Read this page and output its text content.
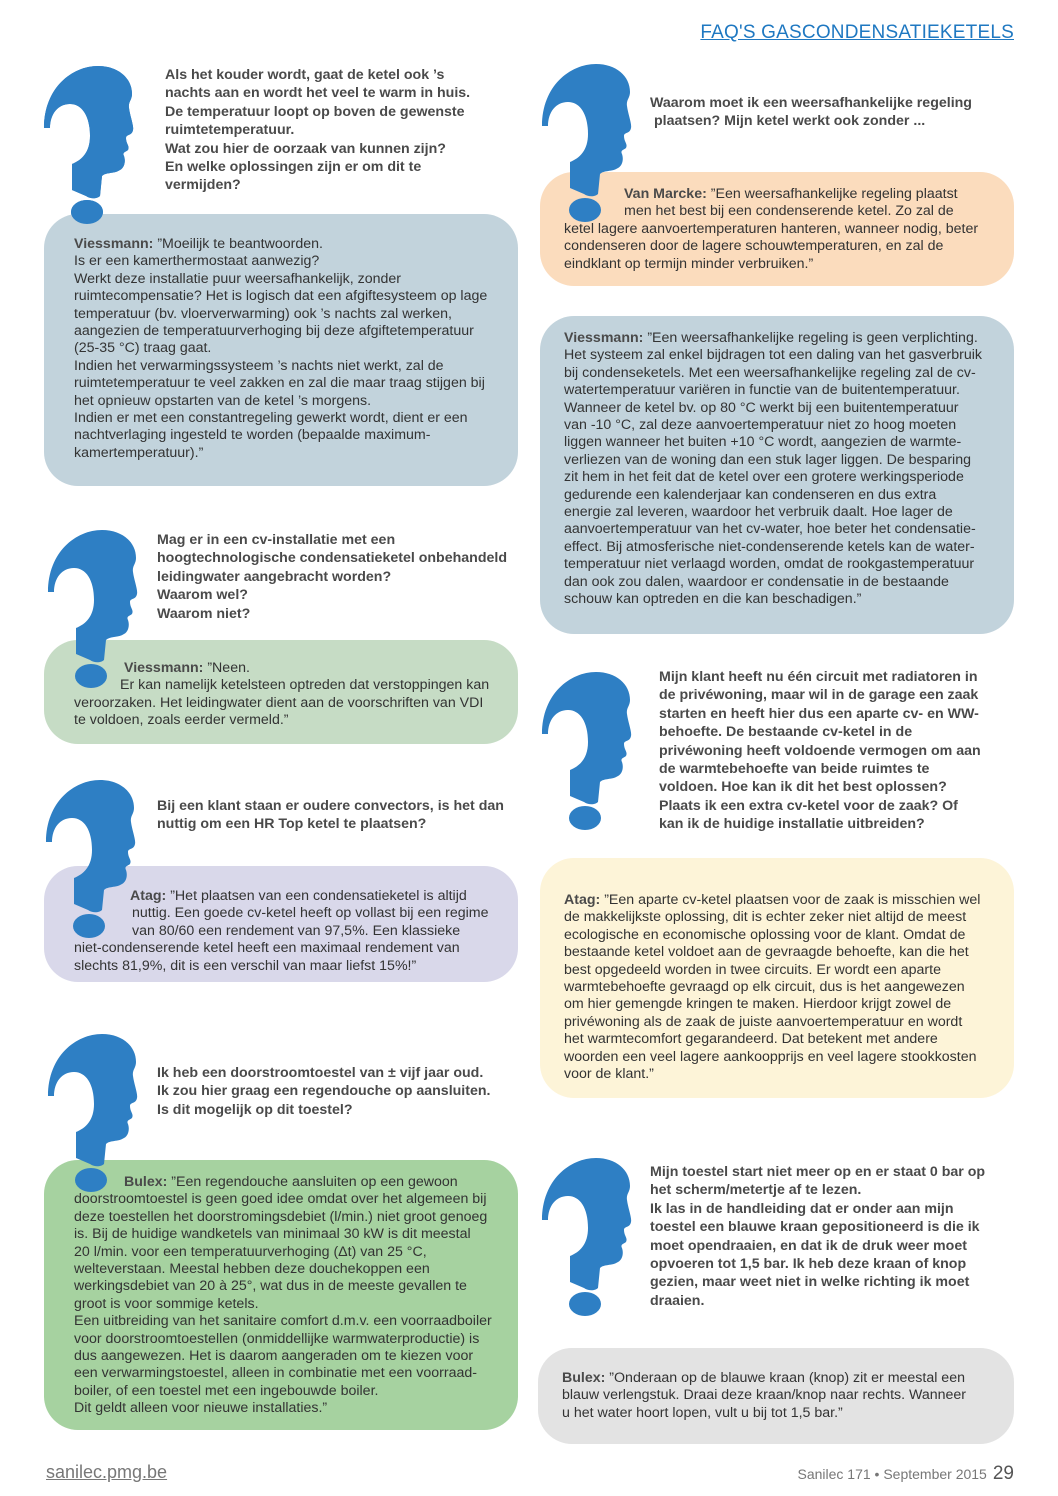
FAQ'S GASCONDENSATIEKETELS
Als het kouder wordt, gaat de ketel ook ’s
nachts aan en wordt het veel te warm in huis.
De temperatuur loopt op boven de gewenste
ruimtetemperatuur.
Wat zou hier de oorzaak van kunnen zijn?
En welke oplossingen zijn er om dit te
vermijden?

Viessmann: ”Moeilijk te beantwoorden.

Is er een kamerthermostaat aanwezig?

Werkt deze installatie puur weersafhankelijk, zonder

ruimtecompensatie? Het is logisch dat een afgiftesysteem op lage

temperatuur (bv. vloerverwarming) ook ’s nachts zal werken,

aangezien de temperatuurverhoging bij deze afgiftetemperatuur

(25-35 °C) traag gaat.

Indien het verwarmingssysteem ’s nachts niet werkt, zal de

ruimtetemperatuur te veel zakken en zal die maar traag stijgen bij

het opnieuw opstarten van de ketel ’s morgens.

Indien er met een constantregeling gewerkt wordt, dient er een

nachtverlaging ingesteld te worden (bepaalde maximum-

kamertemperatuur).”

Van Marcke: ”Een weersafhankelijke regeling plaatst

men het best bij een condenserende ketel. Zo zal de

ketel lagere aanvoertemperaturen hanteren, wanneer nodig, beter

condenseren door de lagere schouwtemperaturen, en zal de

eindklant op termijn minder verbruiken.”

Waarom moet ik een weersafhankelijke regeling
plaatsen? Mijn ketel werkt ook zonder ...

Viessmann: ”Een weersafhankelijke regeling is geen verplichting.

Het systeem zal enkel bijdragen tot een daling van het gasverbruik

bij condenseketels. Met een weersafhankelijke regeling zal de cv-

watertemperatuur variëren in functie van de buitentemperatuur.

Wanneer de ketel bv. op 80 °C werkt bij een buitentemperatuur

van -10 °C, zal deze aanvoertemperatuur niet zo hoog moeten

liggen wanneer het buiten +10 °C wordt, aangezien de warmte-

verliezen van de woning dan een stuk lager liggen. De besparing

zit hem in het feit dat de ketel over een grotere werkingsperiode

gedurende een kalenderjaar kan condenseren en dus extra

energie zal leveren, waardoor het verbruik daalt. Hoe lager de

aanvoertemperatuur van het cv-water, hoe beter het condensatie-

effect. Bij atmosferische niet-condenserende ketels kan de water-

temperatuur niet verlaagd worden, omdat de rookgastemperatuur

dan ook zou dalen, waardoor er condensatie in de bestaande

schouw kan optreden en die kan beschadigen.”

Viessmann: ”Neen.

Er kan namelijk ketelsteen optreden dat verstoppingen kan

veroorzaken. Het leidingwater dient aan de voorschriften van VDI

te voldoen, zoals eerder vermeld.”

Mag er in een cv-installatie met een
hoogtechnologische condensatieketel onbehandeld
leidingwater aangebracht worden?
Waarom wel?
Waarom niet?
Mijn klant heeft nu één circuit met radiatoren in
de privéwoning, maar wil in de garage een zaak
starten en heeft hier dus een aparte cv- en WW-
behoefte. De bestaande cv-ketel in de
privéwoning heeft voldoende vermogen om aan
de warmtebehoefte van beide ruimtes te
voldoen. Hoe kan ik dit het best oplossen?
Plaats ik een extra cv-ketel voor de zaak? Of
kan ik de huidige installatie uitbreiden?

Atag: ”Een aparte cv-ketel plaatsen voor de zaak is misschien wel

de makkelijkste oplossing, dit is echter zeker niet altijd de meest

ecologische en economische oplossing voor de klant. Omdat de

bestaande ketel voldoet aan de gevraagde behoefte, kan die het

best opgedeeld worden in twee circuits. Er wordt een aparte

warmtebehoefte gevraagd op elk circuit, dus is het aangewezen

om hier gemengde kringen te maken. Hierdoor krijgt zowel de

privéwoning als de zaak de juiste aanvoertemperatuur en wordt

het warmtecomfort gegarandeerd. Dat betekent met andere

woorden een veel lagere aankoopprijs en veel lagere stookkosten

voor de klant.”

Atag: ”Het plaatsen van een condensatieketel is altijd

nuttig. Een goede cv-ketel heeft op vollast bij een regime

van 80/60 een rendement van 97,5%. Een klassieke

niet-condenserende ketel heeft een maximaal rendement van

slechts 81,9%, dit is een verschil van maar liefst 15%!”

Bij een klant staan er oudere convectors, is het dan
nuttig om een HR Top ketel te plaatsen?

Bulex: ”Een regendouche aansluiten op een gewoon

doorstroomtoestel is geen goed idee omdat over het algemeen bij

deze toestellen het doorstromingsdebiet (l/min.) niet groot genoeg

is. Bij de huidige wandketels van minimaal 30 kW is dit meestal

20 l/min. voor een temperatuurverhoging (Δt) van 25 °C,

welteverstaan. Meestal hebben deze douchekoppen een

werkingsdebiet van 20 à 25°, wat dus in de meeste gevallen te

groot is voor sommige ketels.

Een uitbreiding van het sanitaire comfort d.m.v. een voorraadboiler

voor doorstroomtoestellen (onmiddellijke warmwaterproductie) is

dus aangewezen. Het is daarom aangeraden om te kiezen voor

een verwarmingstoestel, alleen in combinatie met een voorraad-

boiler, of een toestel met een ingebouwde boiler.

Dit geldt alleen voor nieuwe installaties.”

Ik heb een doorstroomtoestel van ± vijf jaar oud.
Ik zou hier graag een regendouche op aansluiten.
Is dit mogelijk op dit toestel?
Mijn toestel start niet meer op en er staat 0 bar op
het scherm/metertje af te lezen.
Ik las in de handleiding dat er onder aan mijn
toestel een blauwe kraan gepositioneerd is die ik
moet opendraaien, en dat ik de druk weer moet
opvoeren tot 1,5 bar. Ik heb deze kraan of knop
gezien, maar weet niet in welke richting ik moet
draaien.

Bulex: ”Onderaan op de blauwe kraan (knop) zit er meestal een

blauw verlengstuk. Draai deze kraan/knop naar rechts. Wanneer

u het water hoort lopen, vult u bij tot 1,5 bar.”

sanilec.pmg.be	Sanilec 171 • September 2015 29
